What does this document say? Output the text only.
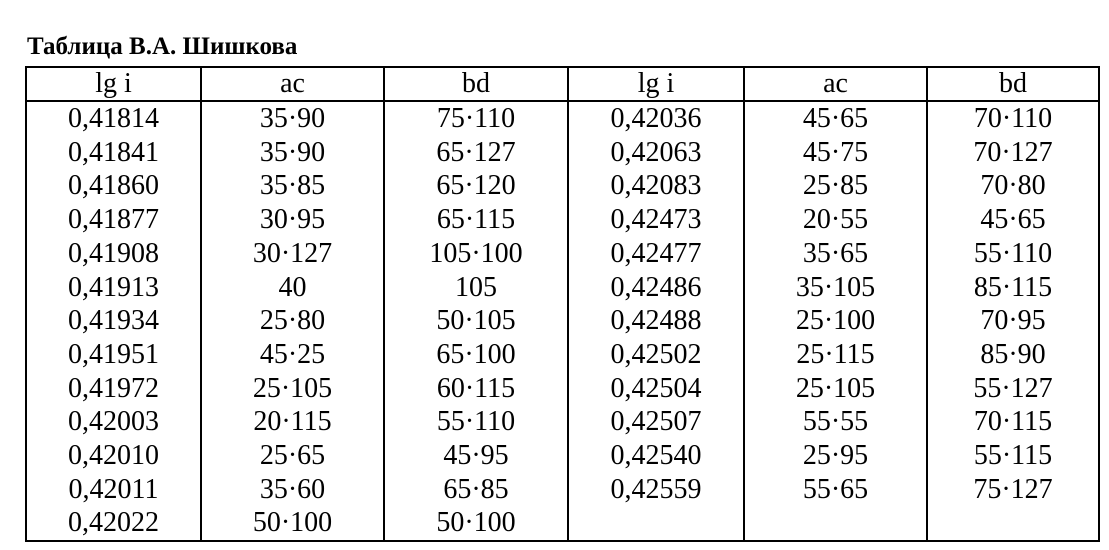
Таблица В.А. Шишкова
lg i	ac	bd	lg i	ac	bd
0,41814	35·90	75·110	0,42036	45·65	70·110
0,41841	35·90	65·127	0,42063	45·75	70·127
0,41860	35·85	65·120	0,42083	25·85	70·80
0,41877	30·95	65·115	0,42473	20·55	45·65
0,41908	30·127	105·100	0,42477	35·65	55·110
0,41913	40	105	0,42486	35·105	85·115
0,41934	25·80	50·105	0,42488	25·100	70·95
0,41951	45·25	65·100	0,42502	25·115	85·90
0,41972	25·105	60·115	0,42504	25·105	55·127
0,42003	20·115	55·110	0,42507	55·55	70·115
0,42010	25·65	45·95	0,42540	25·95	55·115
0,42011	35·60	65·85	0,42559	55·65	75·127
0,42022	50·100	50·100			
